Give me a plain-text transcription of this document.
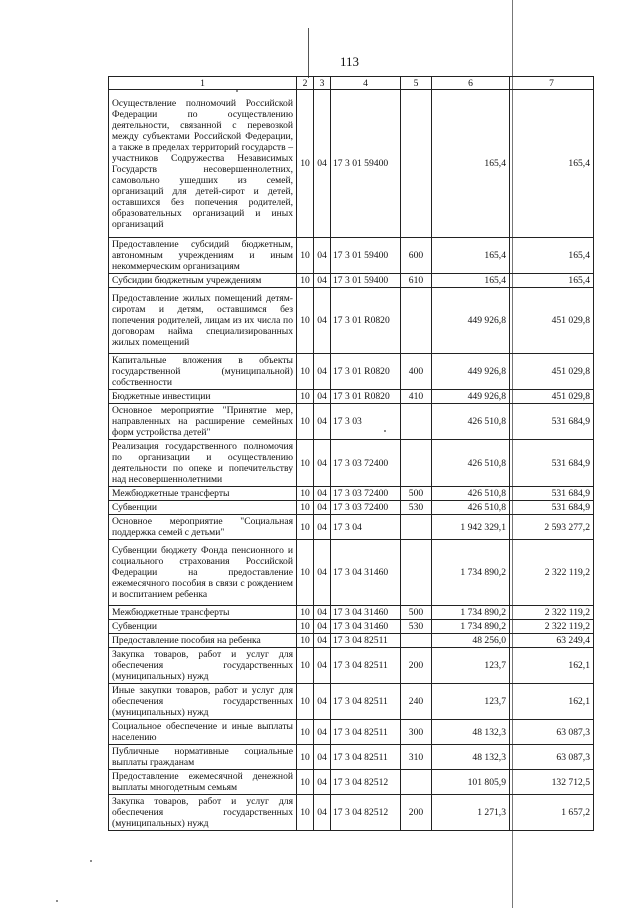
113
1	2	3	4	5	6	7
Осуществление полномочий Российской Федерации по осуществлению деятельности, связанной с перевозкой между субъектами Российской Федерации, а также в пределах территорий государств – участников Содружества Независимых Государств несовершеннолетних, самовольно ушедших из семей, организаций для детей-сирот и детей, оставшихся без попечения родителей, образовательных организаций и иных организаций	10	04	17 3 01 59400		165,4	165,4
Предоставление субсидий бюджетным, автономным учреждениям и иным некоммерческим организациям	10	04	17 3 01 59400	600	165,4	165,4
Субсидии бюджетным учреждениям	10	04	17 3 01 59400	610	165,4	165,4
Предоставление жилых помещений детям-сиротам и детям, оставшимся без попечения родителей, лицам из их числа по договорам найма специализированных жилых помещений	10	04	17 3 01 R0820		449 926,8	451 029,8
Капитальные вложения в объекты государственной (муниципальной) собственности	10	04	17 3 01 R0820	400	449 926,8	451 029,8
Бюджетные инвестиции	10	04	17 3 01 R0820	410	449 926,8	451 029,8
Основное мероприятие "Принятие мер, направленных на расширение семейных форм устройства детей"	10	04	17 3 03		426 510,8	531 684,9
Реализация государственного полномочия по организации и осуществлению деятельности по опеке и попечительству над несовершеннолетними	10	04	17 3 03 72400		426 510,8	531 684,9
Межбюджетные трансферты	10	04	17 3 03 72400	500	426 510,8	531 684,9
Субвенции	10	04	17 3 03 72400	530	426 510,8	531 684,9
Основное мероприятие "Социальная поддержка семей с детьми"	10	04	17 3 04		1 942 329,1	2 593 277,2
Субвенции бюджету Фонда пенсионного и социального страхования Российской Федерации на предоставление ежемесячного пособия в связи с рождением и воспитанием ребенка	10	04	17 3 04 31460		1 734 890,2	2 322 119,2
Межбюджетные трансферты	10	04	17 3 04 31460	500	1 734 890,2	2 322 119,2
Субвенции	10	04	17 3 04 31460	530	1 734 890,2	2 322 119,2
Предоставление пособия на ребенка	10	04	17 3 04 82511		48 256,0	63 249,4
Закупка товаров, работ и услуг для обеспечения государственных (муниципальных) нужд	10	04	17 3 04 82511	200	123,7	162,1
Иные закупки товаров, работ и услуг для обеспечения государственных (муниципальных) нужд	10	04	17 3 04 82511	240	123,7	162,1
Социальное обеспечение и иные выплаты населению	10	04	17 3 04 82511	300	48 132,3	63 087,3
Публичные нормативные социальные выплаты гражданам	10	04	17 3 04 82511	310	48 132,3	63 087,3
Предоставление ежемесячной денежной выплаты многодетным семьям	10	04	17 3 04 82512		101 805,9	132 712,5
Закупка товаров, работ и услуг для обеспечения государственных (муниципальных) нужд	10	04	17 3 04 82512	200	1 271,3	1 657,2
